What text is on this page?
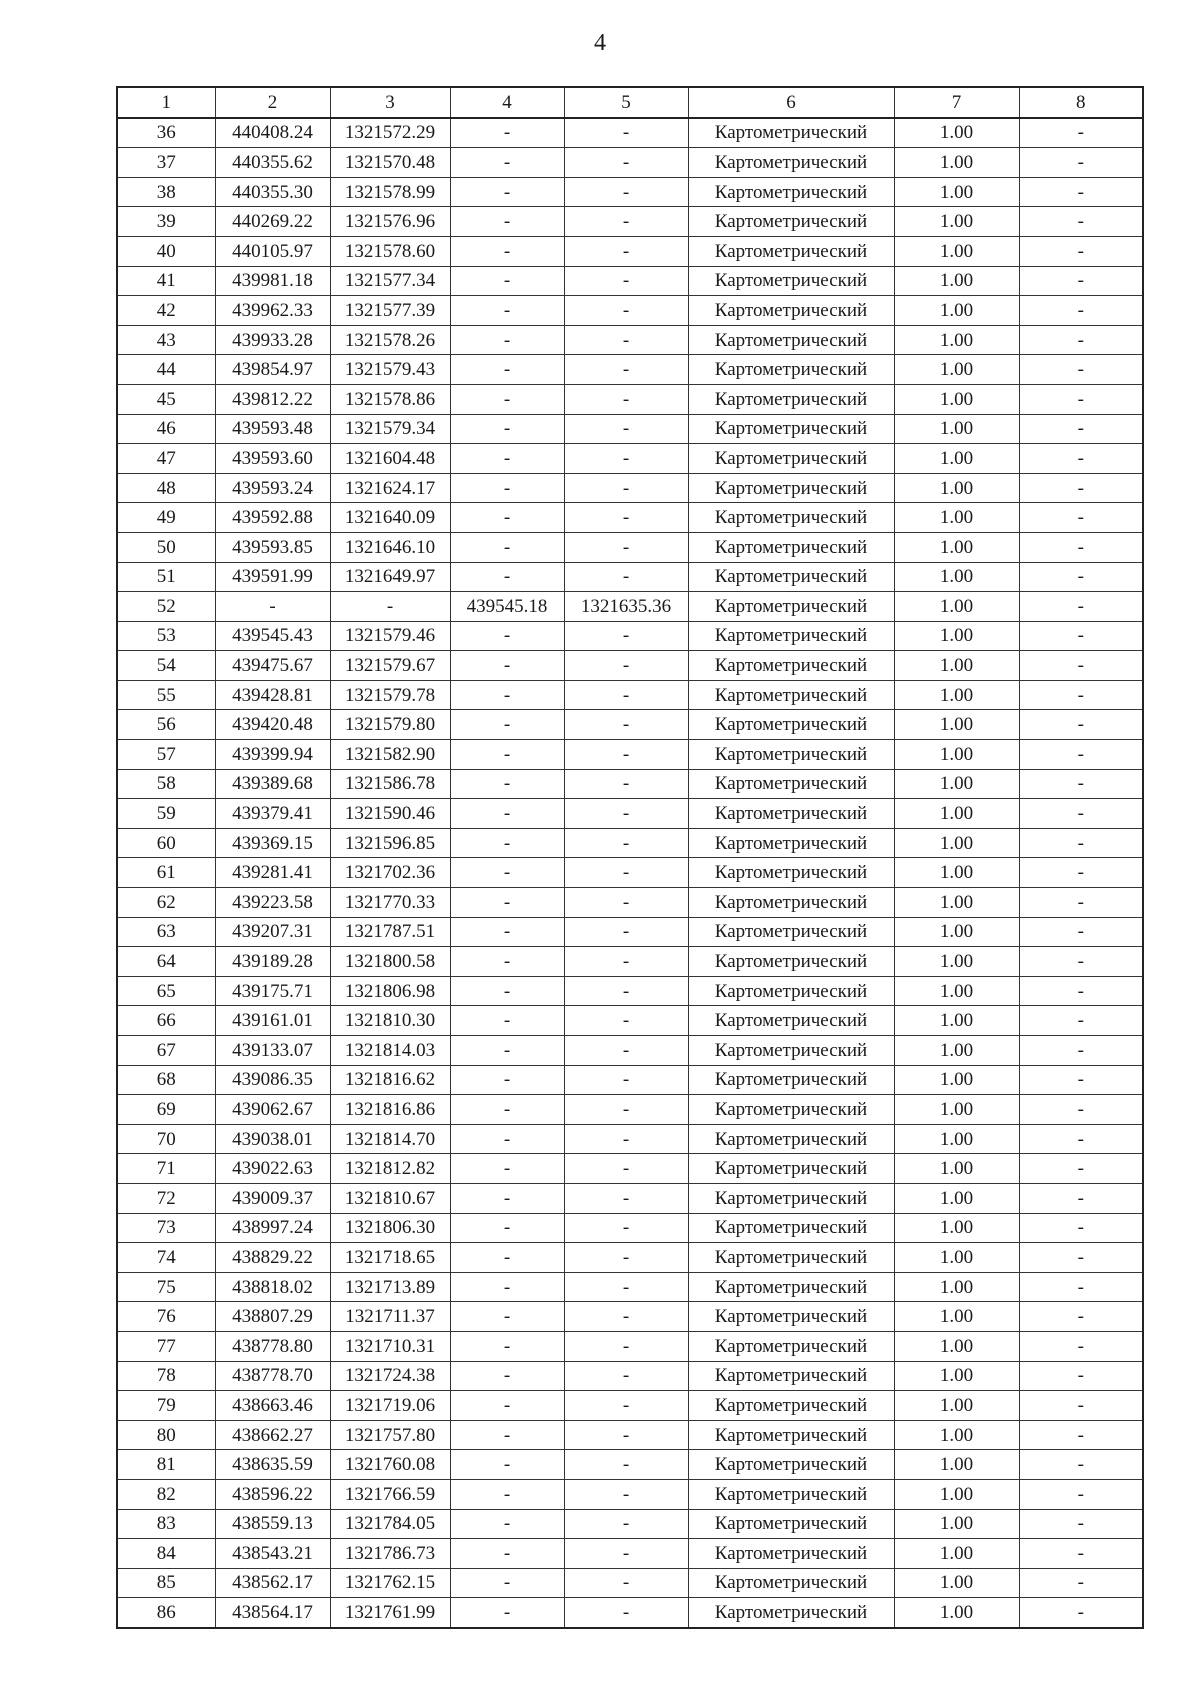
4
1	2	3	4	5	6	7	8
36	440408.24	1321572.29	-	-	Картометрический	1.00	-
37	440355.62	1321570.48	-	-	Картометрический	1.00	-
38	440355.30	1321578.99	-	-	Картометрический	1.00	-
39	440269.22	1321576.96	-	-	Картометрический	1.00	-
40	440105.97	1321578.60	-	-	Картометрический	1.00	-
41	439981.18	1321577.34	-	-	Картометрический	1.00	-
42	439962.33	1321577.39	-	-	Картометрический	1.00	-
43	439933.28	1321578.26	-	-	Картометрический	1.00	-
44	439854.97	1321579.43	-	-	Картометрический	1.00	-
45	439812.22	1321578.86	-	-	Картометрический	1.00	-
46	439593.48	1321579.34	-	-	Картометрический	1.00	-
47	439593.60	1321604.48	-	-	Картометрический	1.00	-
48	439593.24	1321624.17	-	-	Картометрический	1.00	-
49	439592.88	1321640.09	-	-	Картометрический	1.00	-
50	439593.85	1321646.10	-	-	Картометрический	1.00	-
51	439591.99	1321649.97	-	-	Картометрический	1.00	-
52	-	-	439545.18	1321635.36	Картометрический	1.00	-
53	439545.43	1321579.46	-	-	Картометрический	1.00	-
54	439475.67	1321579.67	-	-	Картометрический	1.00	-
55	439428.81	1321579.78	-	-	Картометрический	1.00	-
56	439420.48	1321579.80	-	-	Картометрический	1.00	-
57	439399.94	1321582.90	-	-	Картометрический	1.00	-
58	439389.68	1321586.78	-	-	Картометрический	1.00	-
59	439379.41	1321590.46	-	-	Картометрический	1.00	-
60	439369.15	1321596.85	-	-	Картометрический	1.00	-
61	439281.41	1321702.36	-	-	Картометрический	1.00	-
62	439223.58	1321770.33	-	-	Картометрический	1.00	-
63	439207.31	1321787.51	-	-	Картометрический	1.00	-
64	439189.28	1321800.58	-	-	Картометрический	1.00	-
65	439175.71	1321806.98	-	-	Картометрический	1.00	-
66	439161.01	1321810.30	-	-	Картометрический	1.00	-
67	439133.07	1321814.03	-	-	Картометрический	1.00	-
68	439086.35	1321816.62	-	-	Картометрический	1.00	-
69	439062.67	1321816.86	-	-	Картометрический	1.00	-
70	439038.01	1321814.70	-	-	Картометрический	1.00	-
71	439022.63	1321812.82	-	-	Картометрический	1.00	-
72	439009.37	1321810.67	-	-	Картометрический	1.00	-
73	438997.24	1321806.30	-	-	Картометрический	1.00	-
74	438829.22	1321718.65	-	-	Картометрический	1.00	-
75	438818.02	1321713.89	-	-	Картометрический	1.00	-
76	438807.29	1321711.37	-	-	Картометрический	1.00	-
77	438778.80	1321710.31	-	-	Картометрический	1.00	-
78	438778.70	1321724.38	-	-	Картометрический	1.00	-
79	438663.46	1321719.06	-	-	Картометрический	1.00	-
80	438662.27	1321757.80	-	-	Картометрический	1.00	-
81	438635.59	1321760.08	-	-	Картометрический	1.00	-
82	438596.22	1321766.59	-	-	Картометрический	1.00	-
83	438559.13	1321784.05	-	-	Картометрический	1.00	-
84	438543.21	1321786.73	-	-	Картометрический	1.00	-
85	438562.17	1321762.15	-	-	Картометрический	1.00	-
86	438564.17	1321761.99	-	-	Картометрический	1.00	-
